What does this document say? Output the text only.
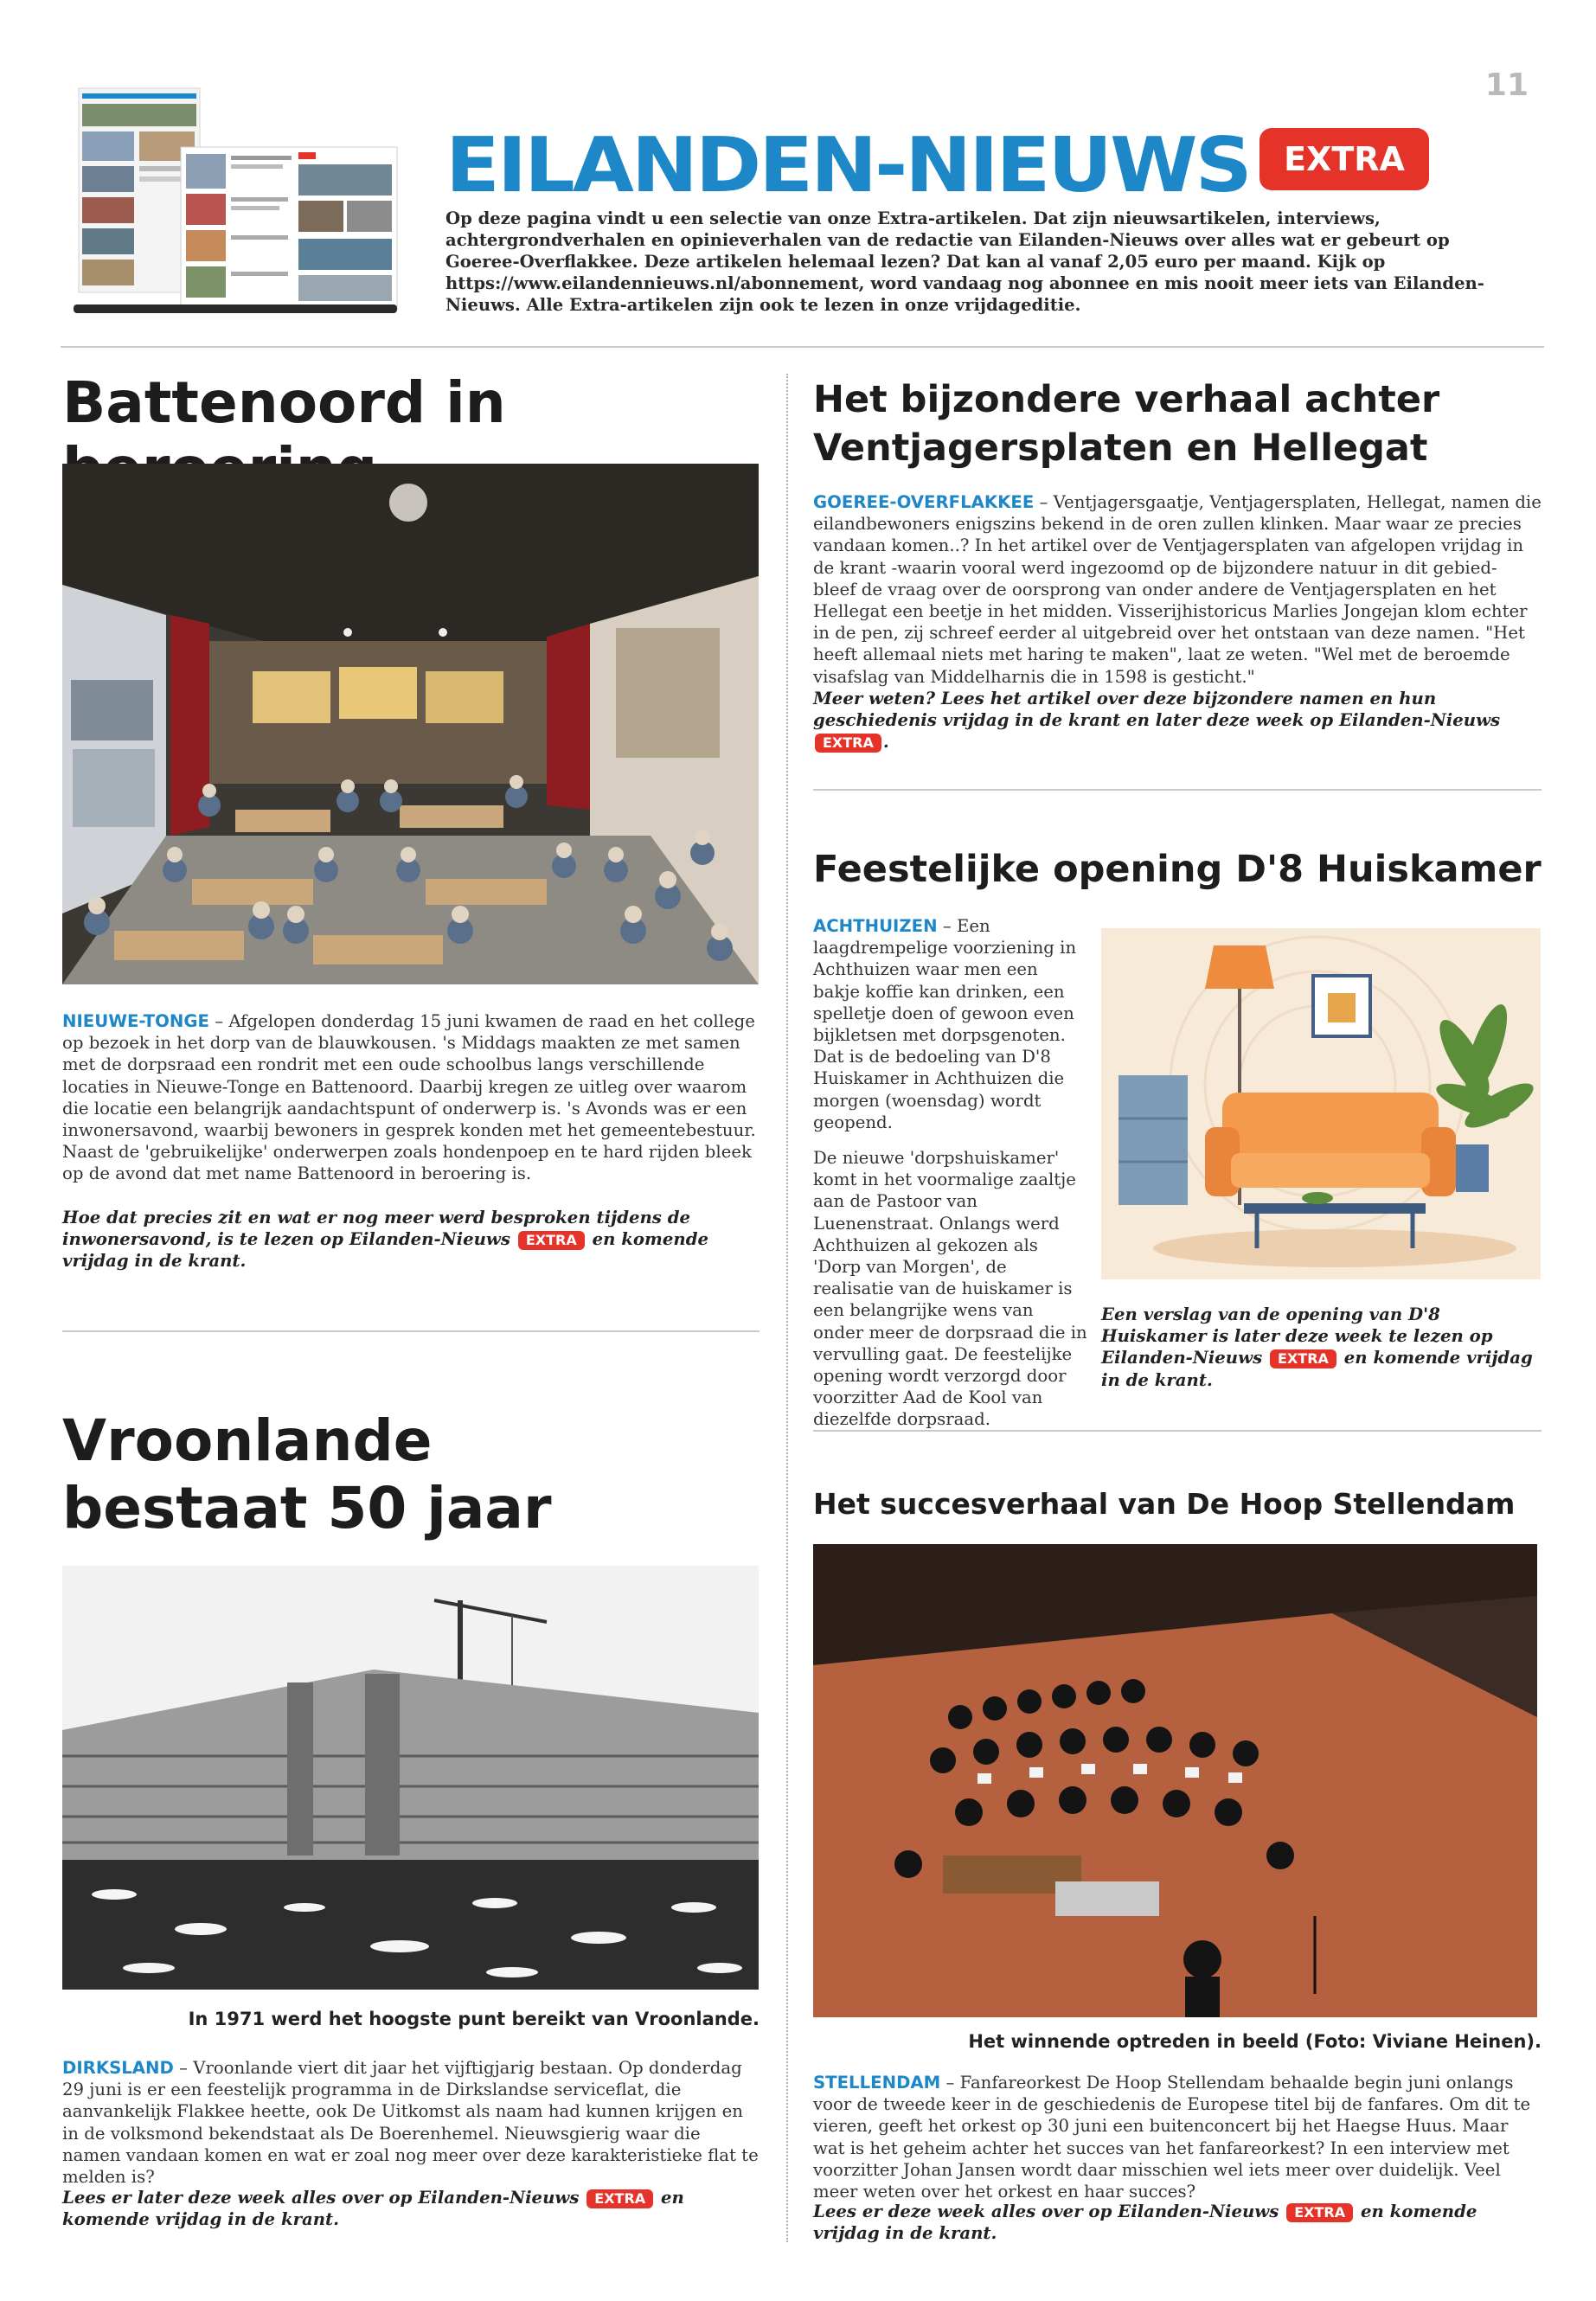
11
EILANDEN-NIEUWS	EXTRA
Op deze pagina vindt u een selectie van onze Extra-artikelen. Dat zijn nieuwsartikelen, interviews, achtergrondverhalen en opinieverhalen van de redactie van Eilanden-Nieuws over alles wat er gebeurt op Goeree-Overflakkee. Deze artikelen helemaal lezen? Dat kan al vanaf 2,05 euro per maand. Kijk op https://www.eilandennieuws.nl/abonnement, word vandaag nog abonnee en mis nooit meer iets van Eilanden-Nieuws. Alle Extra-artikelen zijn ook te lezen in onze vrijdageditie.
Battenoord in

NIEUWE-TONGE – Afgelopen donderdag 15 juni kwamen de raad en het college op bezoek in het dorp van de blauwkousen. 's Middags maakten ze met samen met de dorpsraad een rondrit met een oude schoolbus langs verschillende locaties in Nieuwe-Tonge en Battenoord. Daarbij kregen ze uitleg over waarom die locatie een belangrijk aandachtspunt of onderwerp is. 's Avonds was er een inwonersavond, waarbij bewoners in gesprek konden met het gemeentebestuur. Naast de 'gebruikelijke' onderwerpen zoals hondenpoep en te hard rijden bleek op de avond dat met name Battenoord in beroering is.

Hoe dat precies zit en wat er nog meer werd besproken tijdens de inwonersavond, is te lezen op Eilanden-Nieuws EXTRA en komende vrijdag in de krant.
Vroonlande
bestaat 50 jaar
In 1971 werd het hoogste punt bereikt van Vroonlande.

DIRKSLAND – Vroonlande viert dit jaar het vijftigjarig bestaan. Op donderdag 29 juni is er een feestelijk programma in de Dirkslandse serviceflat, die aanvankelijk Flakkee heette, ook De Uitkomst als naam had kunnen krijgen en in de volksmond bekendstaat als De Boerenhemel. Nieuwsgierig waar die namen vandaan komen en wat er zoal nog meer over deze karakteristieke flat te melden is?

Lees er later deze week alles over op Eilanden-Nieuws EXTRA en komende vrijdag in de krant.
Het bijzondere verhaal achter Ventjagersplaten en Hellegat

GOEREE-OVERFLAKKEE – Ventjagersgaatje, Ventjagersplaten, Hellegat, namen die eilandbewoners enigszins bekend in de oren zullen klinken. Maar waar ze precies vandaan komen..? In het artikel over de Ventjagersplaten van afgelopen vrijdag in de krant -waarin vooral werd ingezoomd op de bijzondere natuur in dit gebied- bleef de vraag over de oorsprong van onder andere de Ventjagersplaten en het Hellegat een beetje in het midden. Visserijhistoricus Marlies Jongejan klom echter in de pen, zij schreef eerder al uitgebreid over het ontstaan van deze namen. "Het heeft allemaal niets met haring te maken", laat ze weten. "Wel met de beroemde visafslag van Middelharnis die in 1598 is gesticht."

Meer weten? Lees het artikel over deze bijzondere namen en hun geschiedenis vrijdag in de krant en later deze week op Eilanden-Nieuws EXTRA .
Feestelijke opening D'8 Huiskamer

ACHTHUIZEN – Een laagdrempelige voorziening in Achthuizen waar men een bakje koffie kan drinken, een spelletje doen of gewoon even bijkletsen met dorpsgenoten. Dat is de bedoeling van D'8 Huiskamer in Achthuizen die morgen (woensdag) wordt geopend.

De nieuwe 'dorpshuiskamer' komt in het voormalige zaaltje aan de Pastoor van Luenenstraat. Onlangs werd Achthuizen al gekozen als 'Dorp van Morgen', de realisatie van de huiskamer is een belangrijke wens van onder meer de dorpsraad die in vervulling gaat. De feestelijke opening wordt verzorgd door voorzitter Aad de Kool van diezelfde dorpsraad.

Een verslag van de opening van D'8 Huiskamer is later deze week te lezen op Eilanden-Nieuws EXTRA en komende vrijdag in de krant.
Het succesverhaal van De Hoop Stellendam
Het winnende optreden in beeld (Foto: Viviane Heinen).

STELLENDAM – Fanfareorkest De Hoop Stellendam behaalde begin juni onlangs voor de tweede keer in de geschiedenis de Europese titel bij de fanfares. Om dit te vieren, geeft het orkest op 30 juni een buitenconcert bij het Haegse Huus. Maar wat is het geheim achter het succes van het fanfareorkest? In een interview met voorzitter Johan Jansen wordt daar misschien wel iets meer over duidelijk. Veel meer weten over het orkest en haar succes?

Lees er deze week alles over op Eilanden-Nieuws EXTRA en komende vrijdag in de krant.
